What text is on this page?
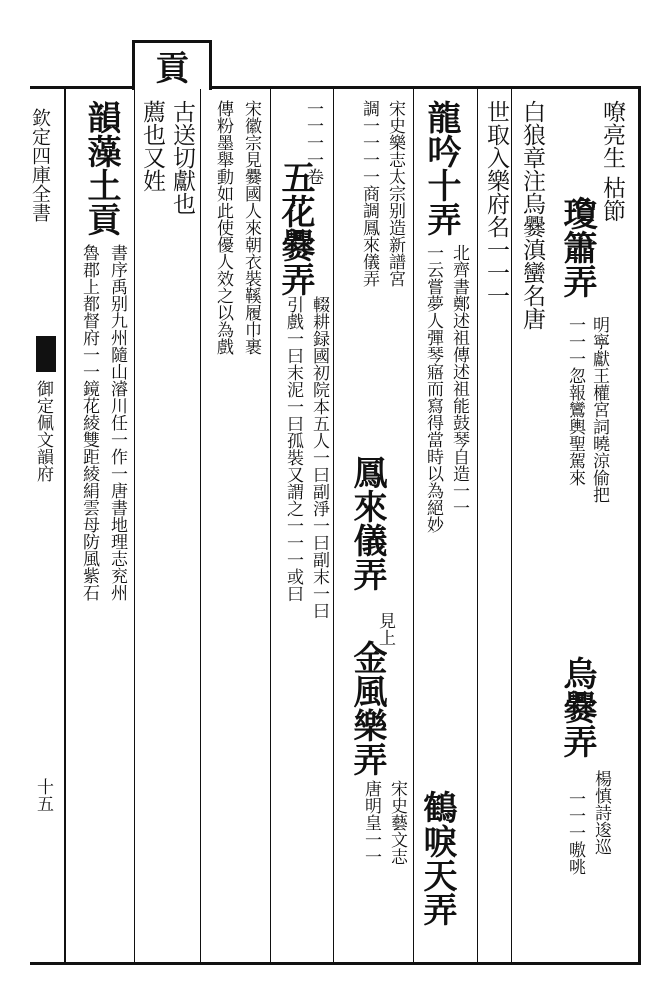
欽定四庫全書
御定佩文韻府
十五
貢
嘹亮生
枯節
瓊簫弄
明寧獻王權宮詞曉涼偷把
一一一忽報鸞輿聖駕來
烏爨弄
楊慎詩逡巡
一一一嗷咷
白狼章注烏爨滇蠻名唐
世取入樂府名一一一
龍吟十弄
北齊書鄭述祖傳述祖能鼓琴自造一一
一云嘗夢人彈琴寤而寫得當時以為絕妙
鶴唳天弄
宋史樂志太宗别造新譜宮
調一一一一商調鳳來儀弄
鳳來儀弄
見上
金風樂弄
宋史藝文志
唐明皇一一
一一一一卷
五花爨弄
輟耕録國初院本五人一曰副淨一曰副末一曰
引戲一曰末泥一曰孤裝又謂之一一一或曰
宋徽宗見爨國人來朝衣裝鞵履巾裹
傳粉墨舉動如此使優人效之以為戲
古送切獻也
薦也又姓
韻藻土貢
書序禹别九州隨山濬川任一作一唐書地理志兖州
魯郡上都督府一一鏡花綾雙距綾絹雲母防風紫石
